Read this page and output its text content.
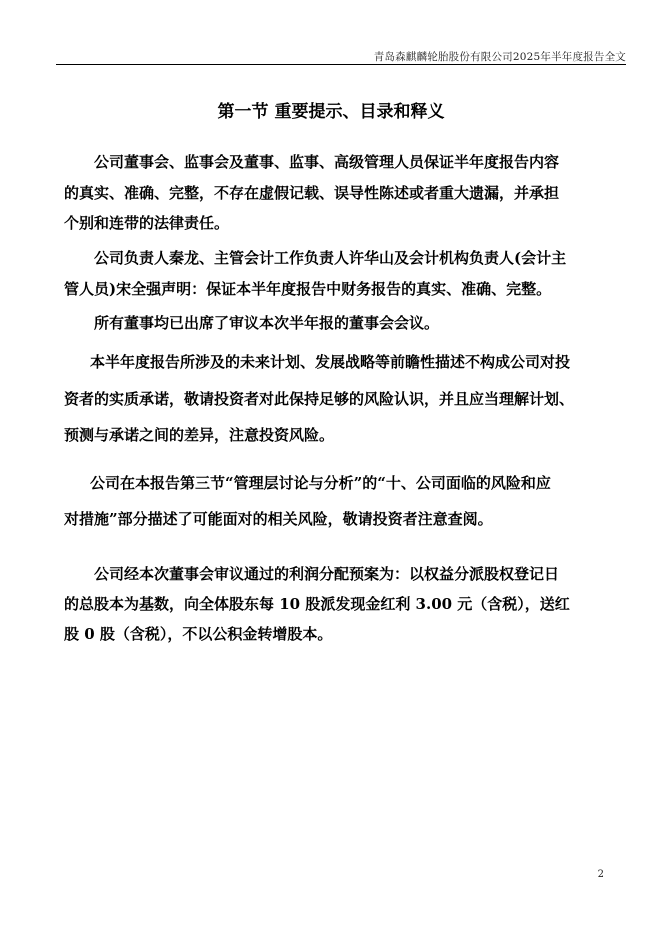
青岛森麒麟轮胎股份有限公司2025年半年度报告全文
第一节 重要提示、目录和释义
公司董事会、监事会及董事、监事、高级管理人员保证半年度报告内容
的真实、准确、完整，不存在虚假记载、误导性陈述或者重大遗漏，并承担
个别和连带的法律责任。
公司负责人秦龙、主管会计工作负责人许华山及会计机构负责人(会计主
管人员)宋全强声明：保证本半年度报告中财务报告的真实、准确、完整。
所有董事均已出席了审议本次半年报的董事会会议。
本半年度报告所涉及的未来计划、发展战略等前瞻性描述不构成公司对投
资者的实质承诺，敬请投资者对此保持足够的风险认识，并且应当理解计划、
预测与承诺之间的差异，注意投资风险。
公司在本报告第三节“管理层讨论与分析”的“十、公司面临的风险和应
对措施”部分描述了可能面对的相关风险，敬请投资者注意查阅。
公司经本次董事会审议通过的利润分配预案为：以权益分派股权登记日
的总股本为基数，向全体股东每 10 股派发现金红利 3.00 元（含税），送红
股 0 股（含税），不以公积金转增股本。
2
